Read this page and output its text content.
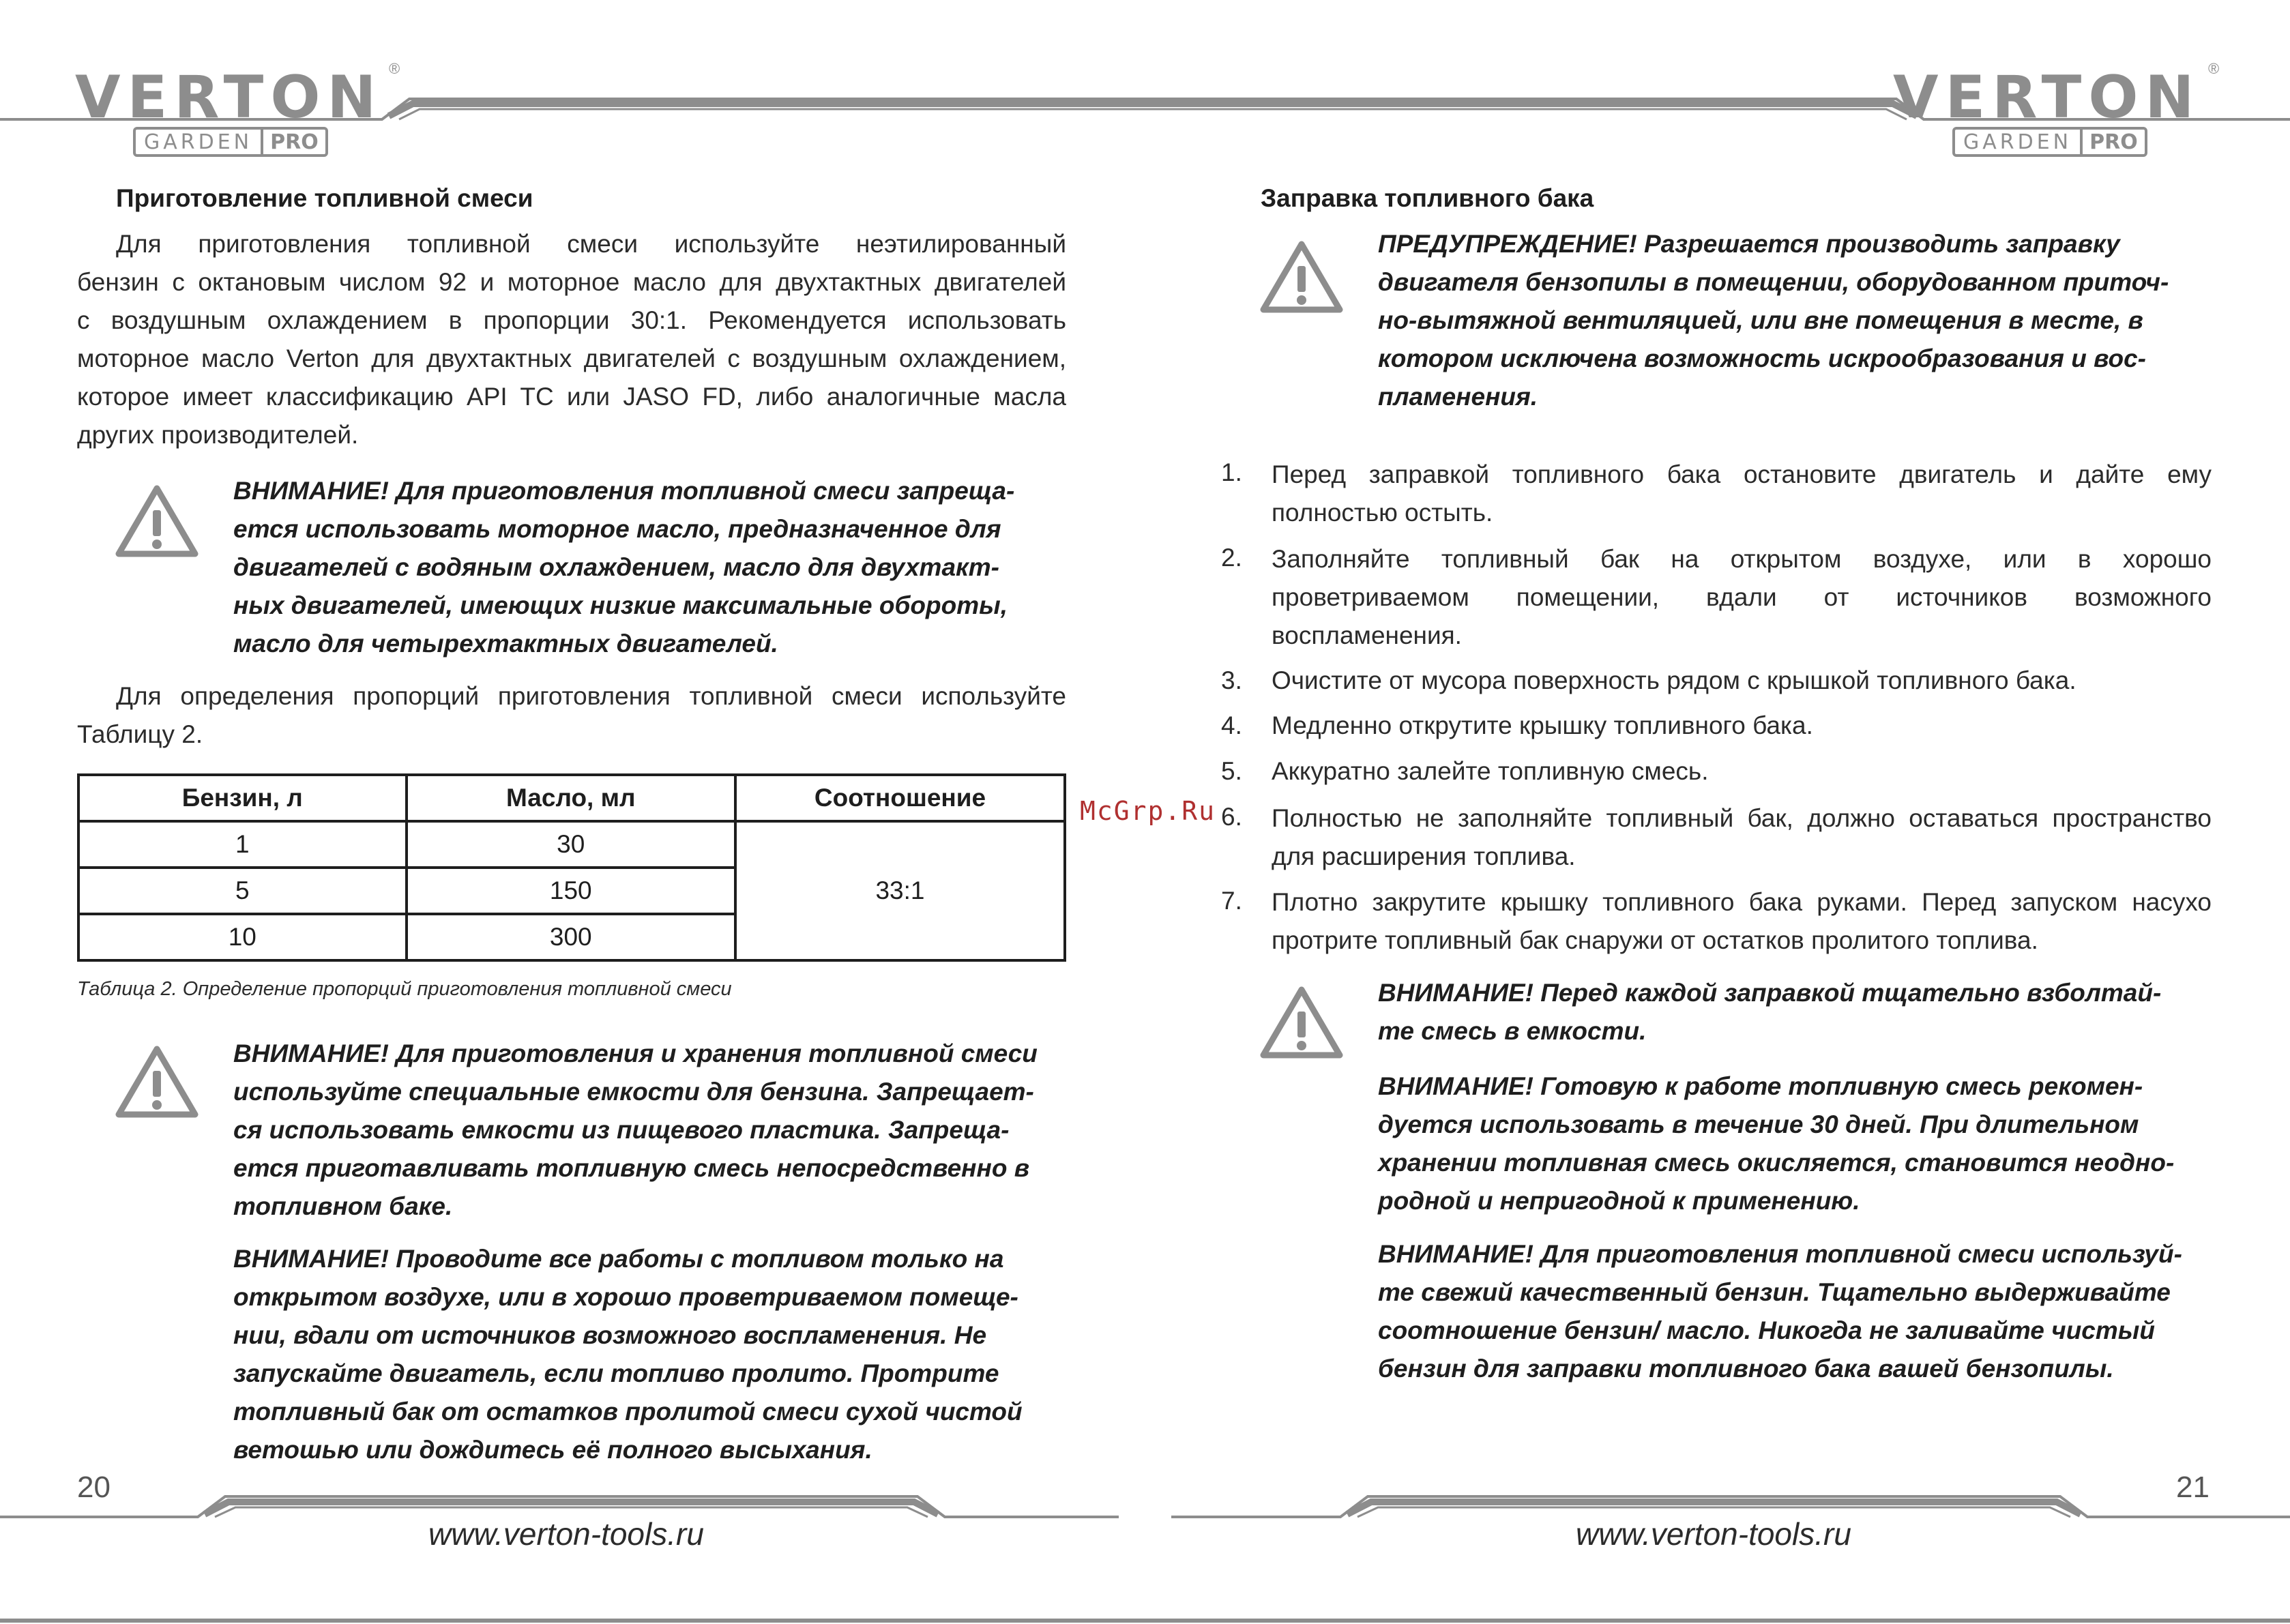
VERTON ®
GARDEN PRO
VERTON ®
GARDEN PRO
Приготовление топливной смеси
Для приготовления топливной смеси используйте неэтилированный
бензин с октановым числом 92 и моторное масло для двухтактных двигателей
с воздушным охлаждением в пропорции 30:1. Рекомендуется использовать
моторное масло Verton для двухтактных двигателей с воздушным охлаждением,
которое имеет классификацию API TC или JASO FD, либо аналогичные масла
других производителей.
ВНИМАНИЕ! Для приготовления топливной смеси запреща-
ется использовать моторное масло, предназначенное для
двигателей с водяным охлаждением, масло для двухтакт-
ных двигателей, имеющих низкие максимальные обороты,
масло для четырехтактных двигателей.
Для определения пропорций приготовления топливной смеси используйте
Таблицу 2.
Бензин, л	Масло, мл	Соотношение
1	30	33:1
5	150	
10	300	
Таблица 2. Определение пропорций приготовления топливной смеси
ВНИМАНИЕ! Для приготовления и хранения топливной смеси
используйте специальные емкости для бензина. Запрещает-
ся использовать емкости из пищевого пластика. Запреща-
ется приготавливать топливную смесь непосредственно в
топливном баке.
ВНИМАНИЕ! Проводите все работы с топливом только на
открытом воздухе, или в хорошо проветриваемом помеще-
нии, вдали от источников возможного воспламенения. Не
запускайте двигатель, если топливо пролито. Протрите
топливный бак от остатков пролитой смеси сухой чистой
ветошью или дождитесь её полного высыхания.
McGrp.Ru
Заправка топливного бака
ПРЕДУПРЕЖДЕНИЕ! Разрешается производить заправку
двигателя бензопилы в помещении, оборудованном приточ-
но-вытяжной вентиляцией, или вне помещения в месте, в
котором исключена возможность искрообразования и вос-
пламенения.
1. Перед заправкой топливного бака остановите двигатель и дайте ему
полностью остыть.
2. Заполняйте топливный бак на открытом воздухе, или в хорошо
проветриваемом помещении, вдали от источников возможного
воспламенения.
3. Очистите от мусора поверхность рядом с крышкой топливного бака.
4. Медленно открутите крышку топливного бака.
5. Аккуратно залейте топливную смесь.
6. Полностью не заполняйте топливный бак, должно оставаться пространство
для расширения топлива.
7. Плотно закрутите крышку топливного бака руками. Перед запуском насухо
протрите топливный бак снаружи от остатков пролитого топлива.
ВНИМАНИЕ! Перед каждой заправкой тщательно взболтай-
те смесь в емкости.
ВНИМАНИЕ! Готовую к работе топливную смесь рекомен-
дуется использовать в течение 30 дней. При длительном
хранении топливная смесь окисляется, становится неодно-
родной и непригодной к применению.
ВНИМАНИЕ! Для приготовления топливной смеси используй-
те свежий качественный бензин. Тщательно выдерживайте
соотношение бензин/ масло. Никогда не заливайте чистый
бензин для заправки топливного бака вашей бензопилы.
20	21
www.verton-tools.ru	www.verton-tools.ru
